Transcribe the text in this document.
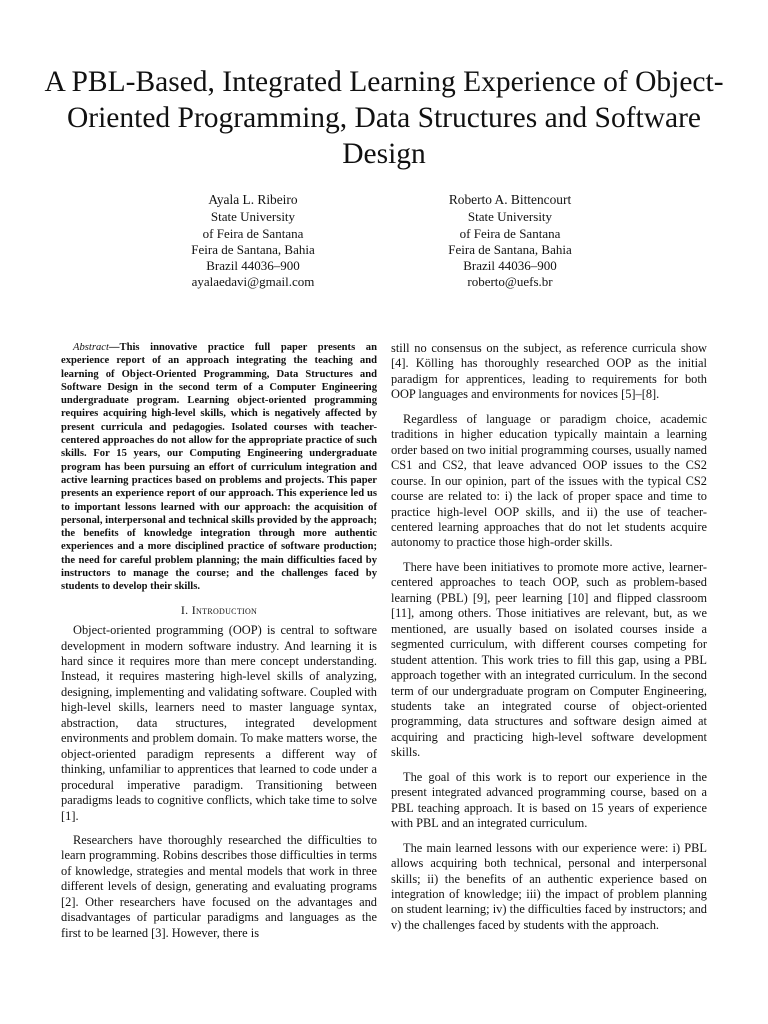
A PBL-Based, Integrated Learning Experience of Object-Oriented Programming, Data Structures and Software Design
Ayala L. Ribeiro
State University
of Feira de Santana
Feira de Santana, Bahia
Brazil 44036–900
ayalaedavi@gmail.com
Roberto A. Bittencourt
State University
of Feira de Santana
Feira de Santana, Bahia
Brazil 44036–900
roberto@uefs.br

Abstract—This innovative practice full paper presents an experience report of an approach integrating the teaching and learning of Object-Oriented Programming, Data Structures and Software Design in the second term of a Computer Engineering undergraduate program. Learning object-oriented programming requires acquiring high-level skills, which is negatively affected by present curricula and pedagogies. Isolated courses with teacher-centered approaches do not allow for the appropriate practice of such skills. For 15 years, our Computing Engineering undergraduate program has been pursuing an effort of curriculum integration and active learning practices based on problems and projects. This paper presents an experience report of our approach. This experience led us to important lessons learned with our approach: the acquisition of personal, interpersonal and technical skills provided by the approach; the benefits of knowledge integration through more authentic experiences and a more disciplined practice of software production; the need for careful problem planning; the main difficulties faced by instructors to manage the course; and the challenges faced by students to develop their skills.

I. Introduction

Object-oriented programming (OOP) is central to software development in modern software industry. And learning it is hard since it requires more than mere concept understanding. Instead, it requires mastering high-level skills of analyzing, designing, implementing and validating software. Coupled with high-level skills, learners need to master language syntax, abstraction, data structures, integrated development environments and problem domain. To make matters worse, the object-oriented paradigm represents a different way of thinking, unfamiliar to apprentices that learned to code under a procedural imperative paradigm. Transitioning between paradigms leads to cognitive conflicts, which take time to solve [1].

Researchers have thoroughly researched the difficulties to learn programming. Robins describes those difficulties in terms of knowledge, strategies and mental models that work in three different levels of design, generating and evaluating programs [2]. Other researchers have focused on the advantages and disadvantages of particular paradigms and languages as the first to be learned [3]. However, there is

still no consensus on the subject, as reference curricula show [4]. Kölling has thoroughly researched OOP as the initial paradigm for apprentices, leading to requirements for both OOP languages and environments for novices [5]–[8].

Regardless of language or paradigm choice, academic traditions in higher education typically maintain a learning order based on two initial programming courses, usually named CS1 and CS2, that leave advanced OOP issues to the CS2 course. In our opinion, part of the issues with the typical CS2 course are related to: i) the lack of proper space and time to practice high-level OOP skills, and ii) the use of teacher-centered learning approaches that do not let students acquire autonomy to practice those high-order skills.

There have been initiatives to promote more active, learner-centered approaches to teach OOP, such as problem-based learning (PBL) [9], peer learning [10] and flipped classroom [11], among others. Those initiatives are relevant, but, as we mentioned, are usually based on isolated courses inside a segmented curriculum, with different courses competing for student attention. This work tries to fill this gap, using a PBL approach together with an integrated curriculum. In the second term of our undergraduate program on Computer Engineering, students take an integrated course of object-oriented programming, data structures and software design aimed at acquiring and practicing high-level software development skills.

The goal of this work is to report our experience in the present integrated advanced programming course, based on a PBL teaching approach. It is based on 15 years of experience with PBL and an integrated curriculum.

The main learned lessons with our experience were: i) PBL allows acquiring both technical, personal and interpersonal skills; ii) the benefits of an authentic experience based on integration of knowledge; iii) the impact of problem planning on student learning; iv) the difficulties faced by instructors; and v) the challenges faced by students with the approach.
